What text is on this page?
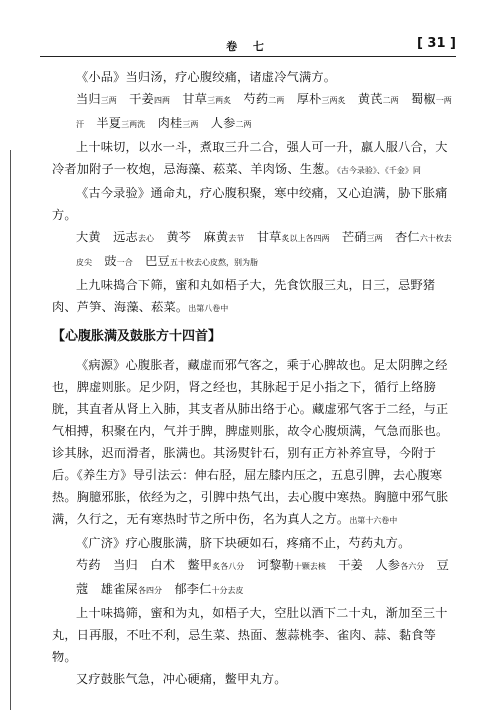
卷 七	[ 31 ]

《小品》当归汤，疗心腹绞痛，诸虚冷气满方。

当归三两　 干姜四两　 甘草三两炙　 芍药二两　 厚朴三两炙　 黄芪二两　 蜀椒一两汗　 半夏三两洗　 肉桂三两　 人参二两　

上十味切，以水一斗，煮取三升二合，强人可一升，羸人服八合，大冷者加附子一枚炮，忌海藻、菘菜、羊肉饧、生葱。《古今录验》、《千金》同

《古今录验》通命丸，疗心腹积聚，寒中绞痛，又心迫满，胁下胀痛方。

大黄　 远志去心　 黄芩　 麻黄去节　 甘草炙以上各四两　 芒硝三两　 杏仁六十枚去皮尖　 豉一合　 巴豆五十枚去心皮熬，别为脂　

上九味捣合下筛，蜜和丸如梧子大，先食饮服三丸，日三，忌野猪肉、芦笋、海藻、菘菜。出第八卷中

【心腹胀满及鼓胀方十四首】

《病源》心腹胀者，藏虚而邪气客之，乘于心脾故也。足太阴脾之经也，脾虚则胀。足少阴，肾之经也，其脉起于足小指之下，循行上络膀胱，其直者从肾上入肺，其支者从肺出络于心。藏虚邪气客于二经，与正气相搏，积聚在内，气并于脾，脾虚则胀，故令心腹烦满，气急而胀也。诊其脉，迟而滑者，胀满也。其汤熨针石，别有正方补养宣导，今附于后。《养生方》导引法云：伸右胫，屈左膝内压之，五息引脾，去心腹寒热。胸臆邪胀，依经为之，引脾中热气出，去心腹中寒热。胸臆中邪气胀满，久行之，无有寒热时节之所中伤，名为真人之方。出第十六卷中

《广济》疗心腹胀满，脐下块硬如石，疼痛不止，芍药丸方。

芍药　 当归　 白术　 鳖甲炙各八分　 诃黎勒十颗去核　 干姜　 人参各六分　 豆蔻　 雄雀屎各四分　 郁李仁十分去皮　

上十味捣筛，蜜和为丸，如梧子大，空肚以酒下二十丸，渐加至三十丸，日再服，不吐不利，忌生菜、热面、葱蒜桃李、雀肉、蒜、黏食等物。

又疗鼓胀气急，冲心硬痛，鳖甲丸方。
